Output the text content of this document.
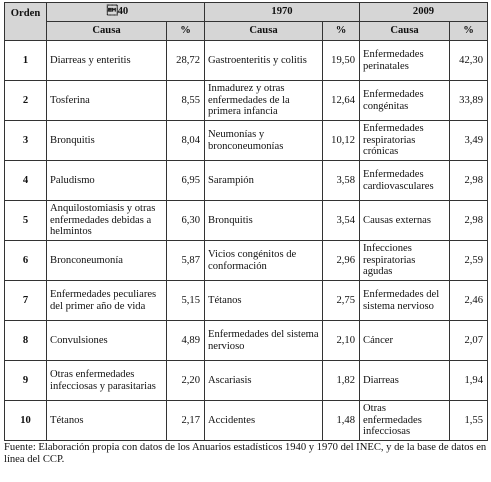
Orden	40		1970		2009	
	Causa	%	Causa	%	Causa	%
1	Diarreas y enteritis	28,72	Gastroenteritis y colitis	19,50	Enfermedades perinatales	42,30
2	Tosferina	8,55	Inmadurez y otras enfermedades de la primera infancia	12,64	Enfermedades congénitas	33,89
3	Bronquitis	8,04	Neumonías y bronconeumonías	10,12	Enfermedades respiratorias crónicas	3,49
4	Paludismo	6,95	Sarampión	3,58	Enfermedades cardiovasculares	2,98
5	Anquilostomiasis y otras enfermedades debidas a helmintos	6,30	Bronquitis	3,54	Causas externas	2,98
6	Bronconeumonía	5,87	Vicios congénitos de conformación	2,96	Infecciones respiratorias agudas	2,59
7	Enfermedades peculiares del primer año de vida	5,15	Tétanos	2,75	Enfermedades del sistema nervioso	2,46
8	Convulsiones	4,89	Enfermedades del sistema nervioso	2,10	Cáncer	2,07
9	Otras enfermedades infecciosas y parasitarias	2,20	Ascariasis	1,82	Diarreas	1,94
10	Tétanos	2,17	Accidentes	1,48	Otras enfermedades infecciosas	1,55
Fuente: Elaboración propia con datos de los Anuarios estadísticos 1940 y 1970 del INEC, y de la base de datos en línea del CCP.
